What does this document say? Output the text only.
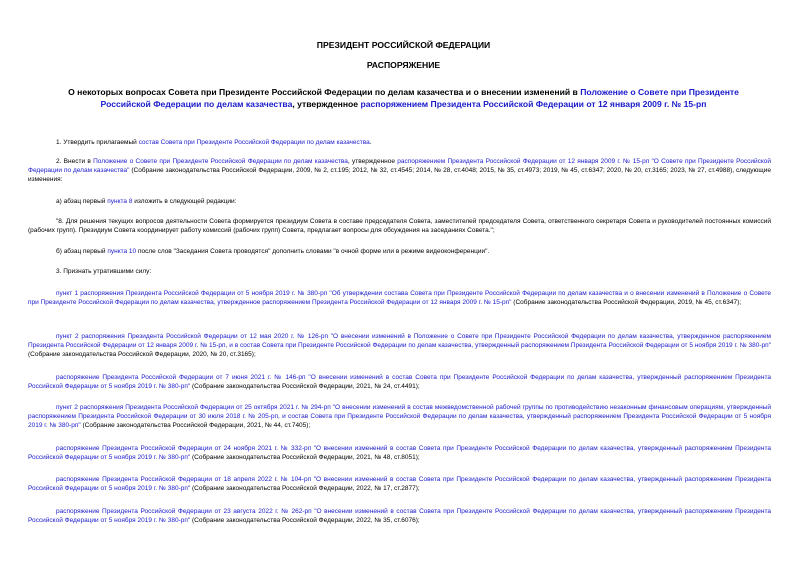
ПРЕЗИДЕНТ РОССИЙСКОЙ ФЕДЕРАЦИИ
РАСПОРЯЖЕНИЕ
О некоторых вопросах Совета при Президенте Российской Федерации по делам казачества и о внесении изменений в Положение о Совете при Президенте Российской Федерации по делам казачества, утвержденное распоряжением Президента Российской Федерации от 12 января 2009 г. № 15-рп
1. Утвердить прилагаемый состав Совета при Президенте Российской Федерации по делам казачества.
2. Внести в Положение о Совете при Президенте Российской Федерации по делам казачества, утвержденное распоряжением Президента Российской Федерации от 12 января 2009 г. № 15-рп "О Совете при Президенте Российской Федерации по делам казачества" (Собрание законодательства Российской Федерации, 2009, № 2, ст.195; 2012, № 32, ст.4545; 2014, № 28, ст.4048; 2015, № 35, ст.4973; 2019, № 45, ст.6347; 2020, № 20, ст.3165; 2023, № 27, ст.4988), следующие изменения:
а) абзац первый пункта 8 изложить в следующей редакции:
"8. Для решения текущих вопросов деятельности Совета формируется президиум Совета в составе председателя Совета, заместителей председателя Совета, ответственного секретаря Совета и руководителей постоянных комиссий (рабочих групп). Президиум Совета координирует работу комиссий (рабочих групп) Совета, предлагает вопросы для обсуждения на заседаниях Совета.";
б) абзац первый пункта 10 после слов "Заседания Совета проводятся" дополнить словами "в очной форме или в режиме видеоконференции".
3. Признать утратившими силу:
пункт 1 распоряжения Президента Российской Федерации от 5 ноября 2019 г. № 380-рп "Об утверждении состава Совета при Президенте Российской Федерации по делам казачества и о внесении изменений в Положение о Совете при Президенте Российской Федерации по делам казачества, утвержденное распоряжением Президента Российской Федерации от 12 января 2009 г. № 15-рп" (Собрание законодательства Российской Федерации, 2019, № 45, ст.6347);
пункт 2 распоряжения Президента Российской Федерации от 12 мая 2020 г. № 126-рп "О внесении изменений в Положение о Совете при Президенте Российской Федерации по делам казачества, утвержденное распоряжением Президента Российской Федерации от 12 января 2009 г. № 15-рп, и в состав Совета при Президенте Российской Федерации по делам казачества, утвержденный распоряжением Президента Российской Федерации от 5 ноября 2019 г. № 380-рп" (Собрание законодательства Российской Федерации, 2020, № 20, ст.3165);
распоряжение Президента Российской Федерации от 7 июня 2021 г. № 146-рп "О внесении изменений в состав Совета при Президенте Российской Федерации по делам казачества, утвержденный распоряжением Президента Российской Федерации от 5 ноября 2019 г. № 380-рп" (Собрание законодательства Российской Федерации, 2021, № 24, ст.4491);
пункт 2 распоряжения Президента Российской Федерации от 25 октября 2021 г. № 294-рп "О внесении изменений в состав межведомственной рабочей группы по противодействию незаконным финансовым операциям, утвержденный распоряжением Президента Российской Федерации от 30 июля 2018 г. № 205-рп, и состав Совета при Президенте Российской Федерации по делам казачества, утвержденный распоряжением Президента Российской Федерации от 5 ноября 2019 г. № 380-рп" (Собрание законодательства Российской Федерации, 2021, № 44, ст.7405);
распоряжение Президента Российской Федерации от 24 ноября 2021 г. № 332-рп "О внесении изменений в состав Совета при Президенте Российской Федерации по делам казачества, утвержденный распоряжением Президента Российской Федерации от 5 ноября 2019 г. № 380-рп" (Собрание законодательства Российской Федерации, 2021, № 48, ст.8051);
распоряжение Президента Российской Федерации от 18 апреля 2022 г. № 104-рп "О внесении изменений в состав Совета при Президенте Российской Федерации по делам казачества, утвержденный распоряжением Президента Российской Федерации от 5 ноября 2019 г. № 380-рп" (Собрание законодательства Российской Федерации, 2022, № 17, ст.2877);
распоряжение Президента Российской Федерации от 23 августа 2022 г. № 262-рп "О внесении изменений в состав Совета при Президенте Российской Федерации по делам казачества, утвержденный распоряжением Президента Российской Федерации от 5 ноября 2019 г. № 380-рп" (Собрание законодательства Российской Федерации, 2022, № 35, ст.6076);
